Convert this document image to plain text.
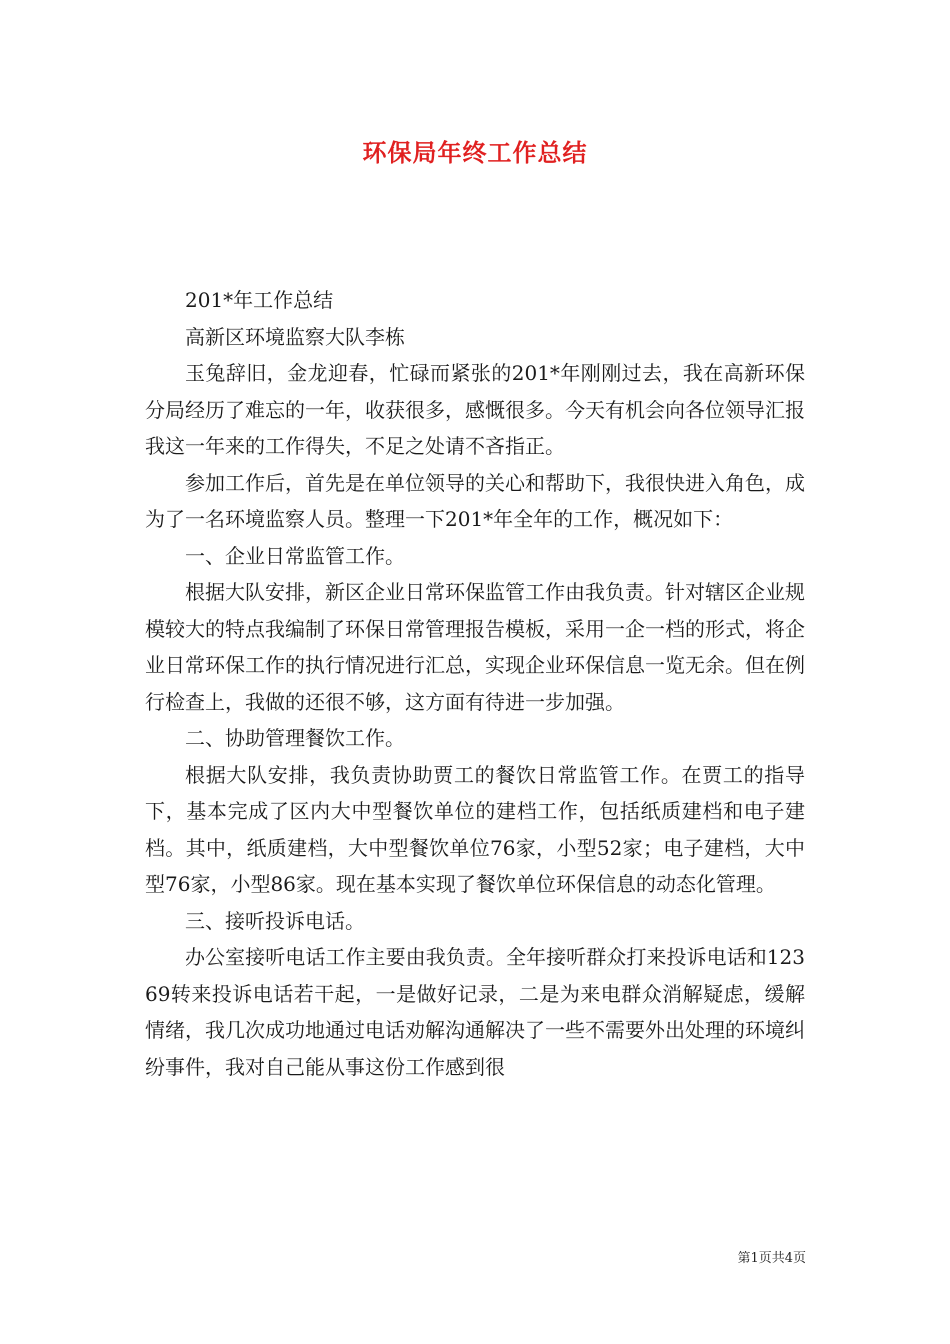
环保局年终工作总结

201*年工作总结

高新区环境监察大队李栋

玉兔辞旧，金龙迎春，忙碌而紧张的201*年刚刚过去，我在高新环保分局经历了难忘的一年，收获很多，感慨很多。今天有机会向各位领导汇报我这一年来的工作得失，不足之处请不吝指正。

参加工作后，首先是在单位领导的关心和帮助下，我很快进入角色，成为了一名环境监察人员。整理一下201*年全年的工作，概况如下：

一、企业日常监管工作。

根据大队安排，新区企业日常环保监管工作由我负责。针对辖区企业规模较大的特点我编制了环保日常管理报告模板，采用一企一档的形式，将企业日常环保工作的执行情况进行汇总，实现企业环保信息一览无余。但在例行检查上，我做的还很不够，这方面有待进一步加强。

二、协助管理餐饮工作。

根据大队安排，我负责协助贾工的餐饮日常监管工作。在贾工的指导下，基本完成了区内大中型餐饮单位的建档工作，包括纸质建档和电子建档。其中，纸质建档，大中型餐饮单位76家，小型52家；电子建档，大中型76家，小型86家。现在基本实现了餐饮单位环保信息的动态化管理。

三、接听投诉电话。

办公室接听电话工作主要由我负责。全年接听群众打来投诉电话和12369转来投诉电话若干起，一是做好记录，二是为来电群众消解疑虑，缓解情绪，我几次成功地通过电话劝解沟通解决了一些不需要外出处理的环境纠纷事件，我对自己能从事这份工作感到很

第1页共4页
